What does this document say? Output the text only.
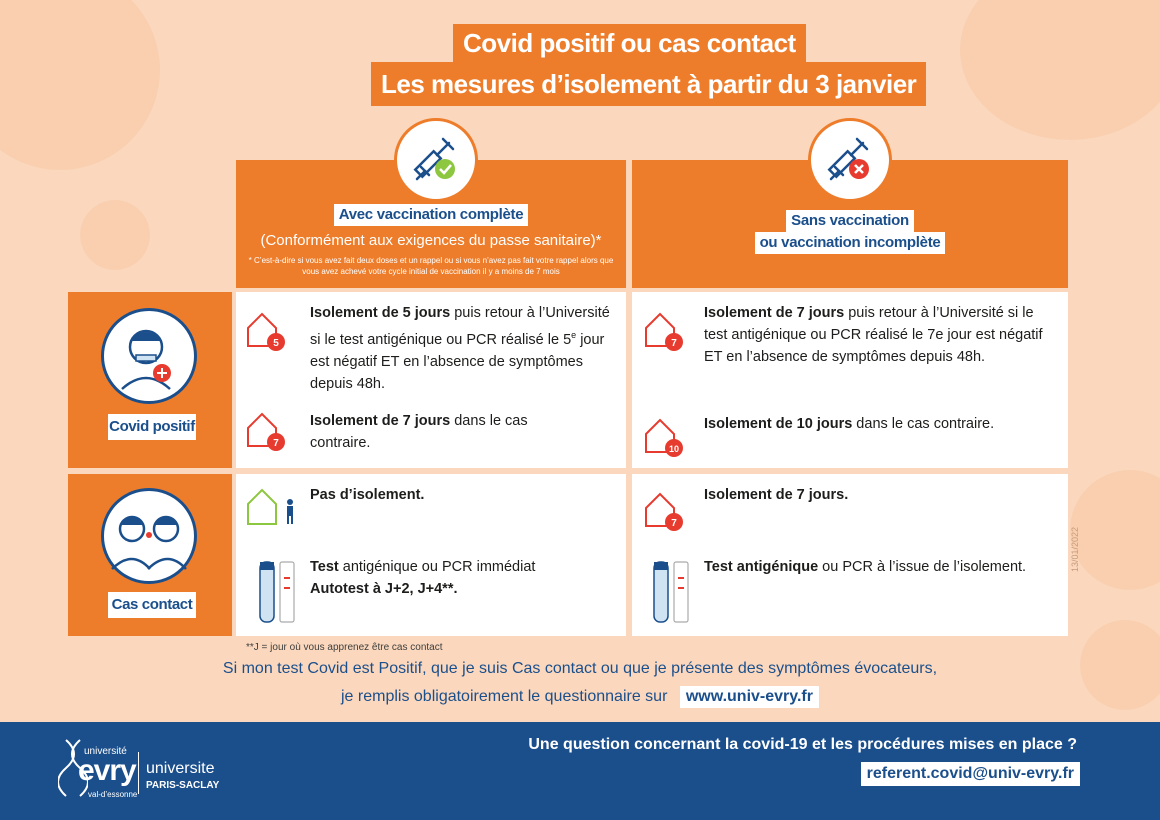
Covid positif ou cas contact
Les mesures d’isolement à partir du 3 janvier
Avec vaccination complète
(Conformément aux exigences du passe sanitaire)*
* C’est-à-dire si vous avez fait deux doses et un rappel ou si vous n’avez pas fait votre rappel alors que vous avez achevé votre cycle initial de vaccination il y a moins de 7 mois
Sans vaccination
ou vaccination incomplète
Covid positif
5
Isolement de 5 jours puis retour à l’Université si le test antigénique ou PCR réalisé le 5e jour est négatif ET en l’absence de symptômes depuis 48h.
7
Isolement de 7 jours dans le cas contraire.
7
Isolement de 7 jours puis retour à l’Université si le test antigénique ou PCR réalisé le 7e jour est négatif ET en l’absence de symptômes depuis 48h.
10
Isolement de 10 jours dans le cas contraire.
Cas contact
Pas d’isolement.
Test antigénique ou PCR immédiat
Autotest à J+2, J+4**.
7
Isolement de 7 jours.
Test antigénique ou PCR à l’issue de l’isolement.	13/01/2022
**J = jour où vous apprenez être cas contact
Si mon test Covid est Positif, que je suis Cas contact ou que je présente des symptômes évocateurs,
je remplis obligatoirement le questionnaire sur www.univ-evry.fr
université
evry
val-d’essonne
universite
PARIS-SACLAY
Une question concernant la covid-19 et les procédures mises en place ?
referent.covid@univ-evry.fr
